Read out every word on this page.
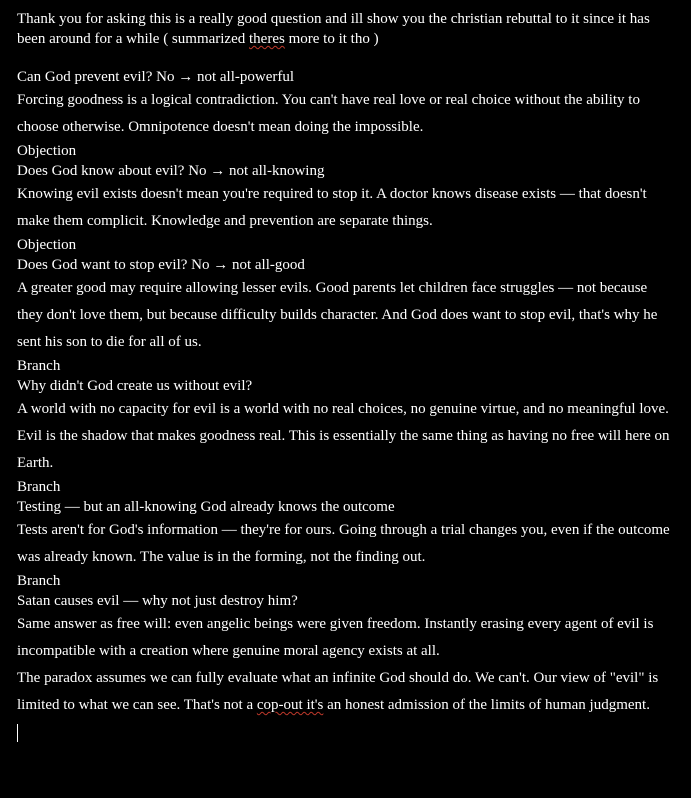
Thank you for asking this is a really good question and ill show you the christian rebuttal to it since it has been around for a while ( summarized theres more to it tho )

Can God prevent evil? No → not all-powerful

Forcing goodness is a logical contradiction. You can't have real love or real choice without the ability to choose otherwise. Omnipotence doesn't mean doing the impossible.

Objection

Does God know about evil? No → not all-knowing

Knowing evil exists doesn't mean you're required to stop it. A doctor knows disease exists — that doesn't make them complicit. Knowledge and prevention are separate things.

Objection

Does God want to stop evil? No → not all-good

A greater good may require allowing lesser evils. Good parents let children face struggles — not because they don't love them, but because difficulty builds character. And God does want to stop evil, that's why he sent his son to die for all of us.

Branch

Why didn't God create us without evil?

A world with no capacity for evil is a world with no real choices, no genuine virtue, and no meaningful love. Evil is the shadow that makes goodness real. This is essentially the same thing as having no free will here on Earth.

Branch

Testing — but an all-knowing God already knows the outcome

Tests aren't for God's information — they're for ours. Going through a trial changes you, even if the outcome was already known. The value is in the forming, not the finding out.

Branch

Satan causes evil — why not just destroy him?

Same answer as free will: even angelic beings were given freedom. Instantly erasing every agent of evil is incompatible with a creation where genuine moral agency exists at all.

The paradox assumes we can fully evaluate what an infinite God should do. We can't. Our view of "evil" is limited to what we can see. That's not a cop-out it's an honest admission of the limits of human judgment.
